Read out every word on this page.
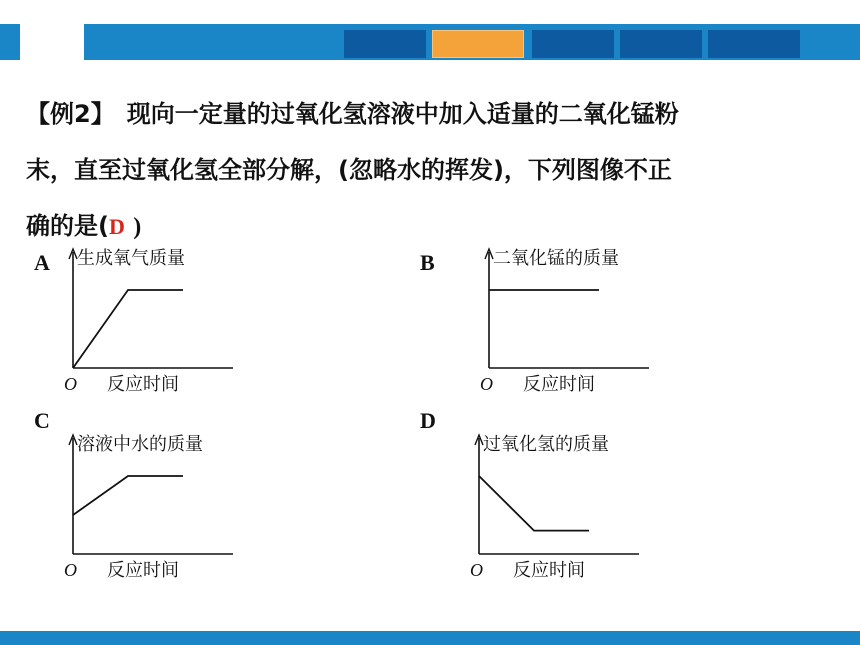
【例2】　现向一定量的过氧化氢溶液中加入适量的二氧化锰粉
末，直至过氧化氢全部分解，(忽略水的挥发)，下列图像不正
确的是(D )
A	B
C	D
生成氧气质量
O 反应时间
二氧化锰的质量
O 反应时间
溶液中水的质量
O 反应时间
过氧化氢的质量
O 反应时间
